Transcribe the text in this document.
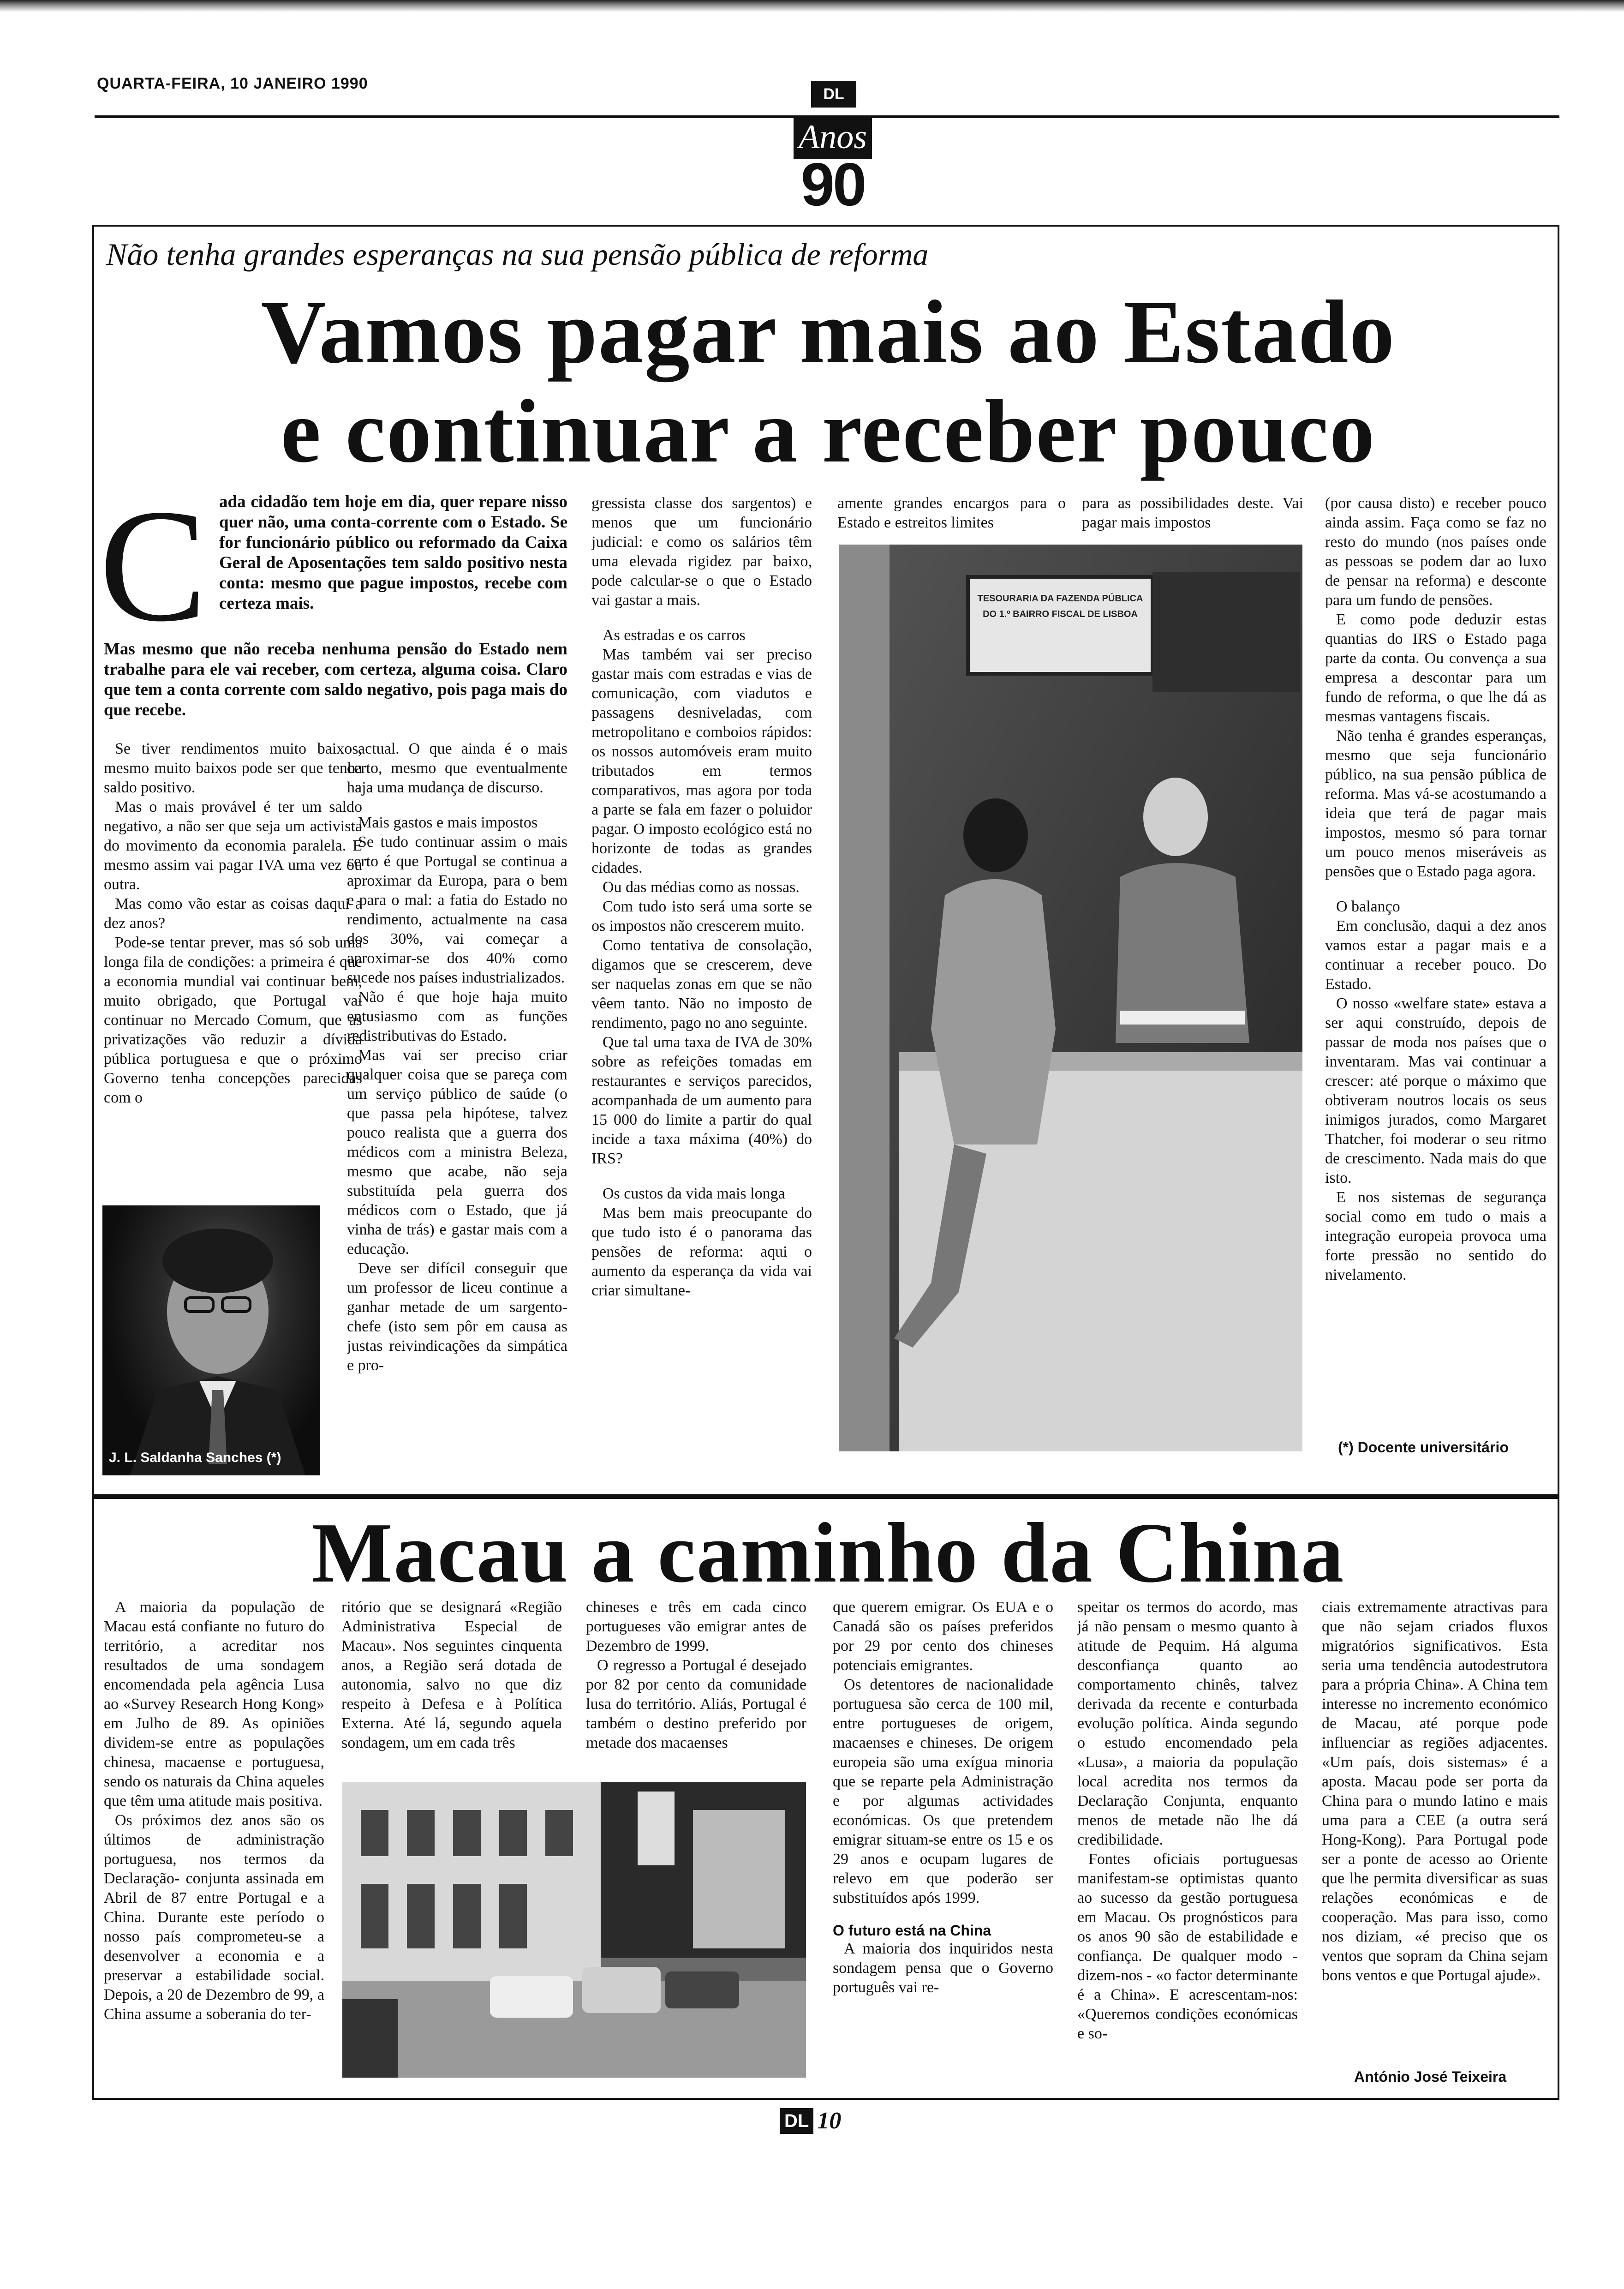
QUARTA-FEIRA, 10 JANEIRO 1990
DL
Anos
90
Não tenha grandes esperanças na sua pensão pública de reforma
Vamos pagar mais ao Estado
e continuar a receber pouco
C ada cidadão tem hoje em dia, quer repare nisso quer não, uma conta-corrente com o Estado. Se for funcionário público ou reformado da Caixa Geral de Aposentações tem saldo positivo nesta conta: mesmo que pague impostos, recebe com certeza mais.

Mas mesmo que não receba nenhuma pensão do Estado nem trabalhe para ele vai receber, com certeza, alguma coisa. Claro que tem a conta corrente com saldo negativo, pois paga mais do que recebe.

Se tiver rendimentos muito baixos, mesmo muito baixos pode ser que tenha saldo positivo.

Mas o mais provável é ter um saldo negativo, a não ser que seja um activista do movimento da economia paralela. E mesmo assim vai pagar IVA uma vez ou outra.

Mas como vão estar as coisas daqui a dez anos?

Pode-se tentar prever, mas só sob uma longa fila de condições: a primeira é que a economia mundial vai continuar bem, muito obrigado, que Portugal vai continuar no Mercado Comum, que as privatizações vão reduzir a dívida pública portuguesa e que o próximo Governo tenha concepções parecidas com o

J. L. Saldanha Sanches (*)

actual. O que ainda é o mais certo, mesmo que eventualmente haja uma mudança de discurso.

Mais gastos e mais impostos

Se tudo continuar assim o mais certo é que Portugal se continua a aproximar da Europa, para o bem e para o mal: a fatia do Estado no rendimento, actualmente na casa dos 30%, vai começar a aproximar-se dos 40% como sucede nos países industrializados.

Não é que hoje haja muito entusiasmo com as funções redistributivas do Estado.

Mas vai ser preciso criar qualquer coisa que se pareça com um serviço público de saúde (o que passa pela hipótese, talvez pouco realista que a guerra dos médicos com a ministra Beleza, mesmo que acabe, não seja substituída pela guerra dos médicos com o Estado, que já vinha de trás) e gastar mais com a educação.

Deve ser difícil conseguir que um professor de liceu continue a ganhar metade de um sargento-chefe (isto sem pôr em causa as justas reivindicações da simpática e pro-

gressista classe dos sargentos) e menos que um funcionário judicial: e como os salários têm uma elevada rigidez par baixo, pode calcular-se o que o Estado vai gastar a mais.

As estradas e os carros

Mas também vai ser preciso gastar mais com estradas e vias de comunicação, com viadutos e passagens desniveladas, com metropolitano e comboios rápidos: os nossos automóveis eram muito tributados em termos comparativos, mas agora por toda a parte se fala em fazer o poluidor pagar. O imposto ecológico está no horizonte de todas as grandes cidades.

Ou das médias como as nossas.

Com tudo isto será uma sorte se os impostos não crescerem muito.

Como tentativa de consolação, digamos que se crescerem, deve ser naquelas zonas em que se não vêem tanto. Não no imposto de rendimento, pago no ano seguinte.

Que tal uma taxa de IVA de 30% sobre as refeições tomadas em restaurantes e serviços parecidos, acompanhada de um aumento para 15 000 do limite a partir do qual incide a taxa máxima (40%) do IRS?

Os custos da vida mais longa

Mas bem mais preocupante do que tudo isto é o panorama das pensões de reforma: aqui o aumento da esperança da vida vai criar simultane-

amente grandes encargos para o Estado e estreitos limites

para as possibilidades deste. Vai pagar mais impostos

TESOURARIA DA FAZENDA PÚBLICA
DO 1.º BAIRRO FISCAL DE LISBOA

(por causa disto) e receber pouco ainda assim. Faça como se faz no resto do mundo (nos países onde as pessoas se podem dar ao luxo de pensar na reforma) e desconte para um fundo de pensões.

E como pode deduzir estas quantias do IRS o Estado paga parte da conta. Ou convença a sua empresa a descontar para um fundo de reforma, o que lhe dá as mesmas vantagens fiscais.

Não tenha é grandes esperanças, mesmo que seja funcionário público, na sua pensão pública de reforma. Mas vá-se acostumando a ideia que terá de pagar mais impostos, mesmo só para tornar um pouco menos miseráveis as pensões que o Estado paga agora.

O balanço

Em conclusão, daqui a dez anos vamos estar a pagar mais e a continuar a receber pouco. Do Estado.

O nosso «welfare state» estava a ser aqui construído, depois de passar de moda nos países que o inventaram. Mas vai continuar a crescer: até porque o máximo que obtiveram noutros locais os seus inimigos jurados, como Margaret Thatcher, foi moderar o seu ritmo de crescimento. Nada mais do que isto.

E nos sistemas de segurança social como em tudo o mais a integração europeia provoca uma forte pressão no sentido do nivelamento.

(*) Docente universitário
Macau a caminho da China

A maioria da população de Macau está confiante no futuro do território, a acreditar nos resultados de uma sondagem encomendada pela agência Lusa ao «Survey Research Hong Kong» em Julho de 89. As opiniões dividem-se entre as populações chinesa, macaense e portuguesa, sendo os naturais da China aqueles que têm uma atitude mais positiva.

Os próximos dez anos são os últimos de administração portuguesa, nos termos da Declaração- conjunta assinada em Abril de 87 entre Portugal e a China. Durante este período o nosso país comprometeu-se a desenvolver a economia e a preservar a estabilidade social. Depois, a 20 de Dezembro de 99, a China assume a soberania do ter-

ritório que se designará «Região Administrativa Especial de Macau». Nos seguintes cinquenta anos, a Região será dotada de autonomia, salvo no que diz respeito à Defesa e à Política Externa. Até lá, segundo aquela sondagem, um em cada três

chineses e três em cada cinco portugueses vão emigrar antes de Dezembro de 1999.

O regresso a Portugal é desejado por 82 por cento da comunidade lusa do território. Aliás, Portugal é também o destino preferido por metade dos macaenses

que querem emigrar. Os EUA e o Canadá são os países preferidos por 29 por cento dos chineses potenciais emigrantes.

Os detentores de nacionalidade portuguesa são cerca de 100 mil, entre portugueses de origem, macaenses e chineses. De origem europeia são uma exígua minoria que se reparte pela Administração e por algumas actividades económicas. Os que pretendem emigrar situam-se entre os 15 e os 29 anos e ocupam lugares de relevo em que poderão ser substituídos após 1999.

O futuro está na China

A maioria dos inquiridos nesta sondagem pensa que o Governo português vai re-

speitar os termos do acordo, mas já não pensam o mesmo quanto à atitude de Pequim. Há alguma desconfiança quanto ao comportamento chinês, talvez derivada da recente e conturbada evolução política. Ainda segundo o estudo encomendado pela «Lusa», a maioria da população local acredita nos termos da Declaração Conjunta, enquanto menos de metade não lhe dá credibilidade.

Fontes oficiais portuguesas manifestam-se optimistas quanto ao sucesso da gestão portuguesa em Macau. Os prognósticos para os anos 90 são de estabilidade e confiança. De qualquer modo - dizem-nos - «o factor determinante é a China». E acrescentam-nos: «Queremos condições económicas e so-

ciais extremamente atractivas para que não sejam criados fluxos migratórios significativos. Esta seria uma tendência autodestrutora para a própria China». A China tem interesse no incremento económico de Macau, até porque pode influenciar as regiões adjacentes. «Um país, dois sistemas» é a aposta. Macau pode ser porta da China para o mundo latino e mais uma para a CEE (a outra será Hong-Kong). Para Portugal pode ser a ponte de acesso ao Oriente que lhe permita diversificar as suas relações económicas e de cooperação. Mas para isso, como nos diziam, «é preciso que os ventos que sopram da China sejam bons ventos e que Portugal ajude».

António José Teixeira
DL 10
